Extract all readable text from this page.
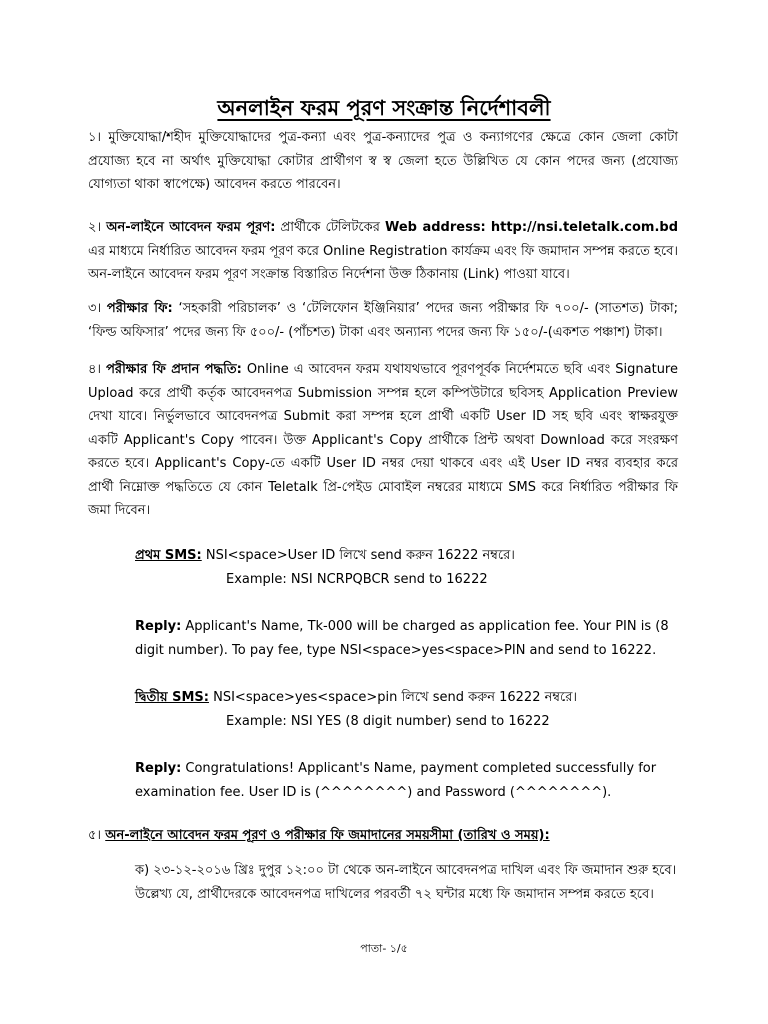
অনলাইন ফরম পূরণ সংক্রান্ত নির্দেশাবলী

১। মুক্তিযোদ্ধা/শহীদ মুক্তিযোদ্ধাদের পুত্র-কন্যা এবং পুত্র-কন্যাদের পুত্র ও কন্যাগণের ক্ষেত্রে কোন জেলা কোটা প্রযোজ্য হবে না অর্থাৎ মুক্তিযোদ্ধা কোটার প্রার্থীগণ স্ব স্ব জেলা হতে উল্লিখিত যে কোন পদের জন্য (প্রযোজ্য যোগ্যতা থাকা স্বাপেক্ষে) আবেদন করতে পারবেন।

২। অন-লাইনে আবেদন ফরম পূরণ: প্রার্থীকে টেলিটকের Web address: http://nsi.teletalk.com.bd এর মাধ্যমে নির্ধারিত আবেদন ফরম পূরণ করে Online Registration কার্যক্রম এবং ফি জমাদান সম্পন্ন করতে হবে। অন-লাইনে আবেদন ফরম পূরণ সংক্রান্ত বিস্তারিত নির্দেশনা উক্ত ঠিকানায় (Link) পাওয়া যাবে।

৩। পরীক্ষার ফি: ‘সহকারী পরিচালক’ ও ‘টেলিফোন ইঞ্জিনিয়ার’ পদের জন্য পরীক্ষার ফি ৭০০/- (সাতশত) টাকা; ‘ফিল্ড অফিসার’ পদের জন্য ফি ৫০০/- (পাঁচশত) টাকা এবং অন্যান্য পদের জন্য ফি ১৫০/-(একশত পঞ্চাশ) টাকা।

৪। পরীক্ষার ফি প্রদান পদ্ধতি: Online এ আবেদন ফরম যথাযথভাবে পূরণপূর্বক নির্দেশমতে ছবি এবং Signature Upload করে প্রার্থী কর্তৃক আবেদনপত্র Submission সম্পন্ন হলে কম্পিউটারে ছবিসহ Application Preview দেখা যাবে। নির্ভুলভাবে আবেদনপত্র Submit করা সম্পন্ন হলে প্রার্থী একটি User ID সহ ছবি এবং স্বাক্ষরযুক্ত একটি Applicant's Copy পাবেন। উক্ত Applicant's Copy প্রার্থীকে প্রিন্ট অথবা Download করে সংরক্ষণ করতে হবে। Applicant's Copy-তে একটি User ID নম্বর দেয়া থাকবে এবং এই User ID নম্বর ব্যবহার করে প্রার্থী নিম্নোক্ত পদ্ধতিতে যে কোন Teletalk প্রি-পেইড মোবাইল নম্বরের মাধ্যমে SMS করে নির্ধারিত পরীক্ষার ফি জমা দিবেন।

প্রথম SMS: NSI<space>User ID লিখে send করুন 16222 নম্বরে।

Example: NSI NCRPQBCR send to 16222

Reply: Applicant's Name, Tk-000 will be charged as application fee. Your PIN is (8 digit number). To pay fee, type NSI<space>yes<space>PIN and send to 16222.

দ্বিতীয় SMS: NSI<space>yes<space>pin লিখে send করুন 16222 নম্বরে।

Example: NSI YES (8 digit number) send to 16222

Reply: Congratulations! Applicant's Name, payment completed successfully for examination fee. User ID is (^^^^^^^^) and Password (^^^^^^^^).

৫। অন-লাইনে আবেদন ফরম পূরণ ও পরীক্ষার ফি জমাদানের সময়সীমা (তারিখ ও সময়):

ক) ২৩-১২-২০১৬ খ্রিঃ দুপুর ১২:০০ টা থেকে অন-লাইনে আবেদনপত্র দাখিল এবং ফি জমাদান শুরু হবে। উল্লেখ্য যে, প্রার্থীদেরকে আবেদনপত্র দাখিলের পরবর্তী ৭২ ঘন্টার মধ্যে ফি জমাদান সম্পন্ন করতে হবে।

পাতা- ১/৫
